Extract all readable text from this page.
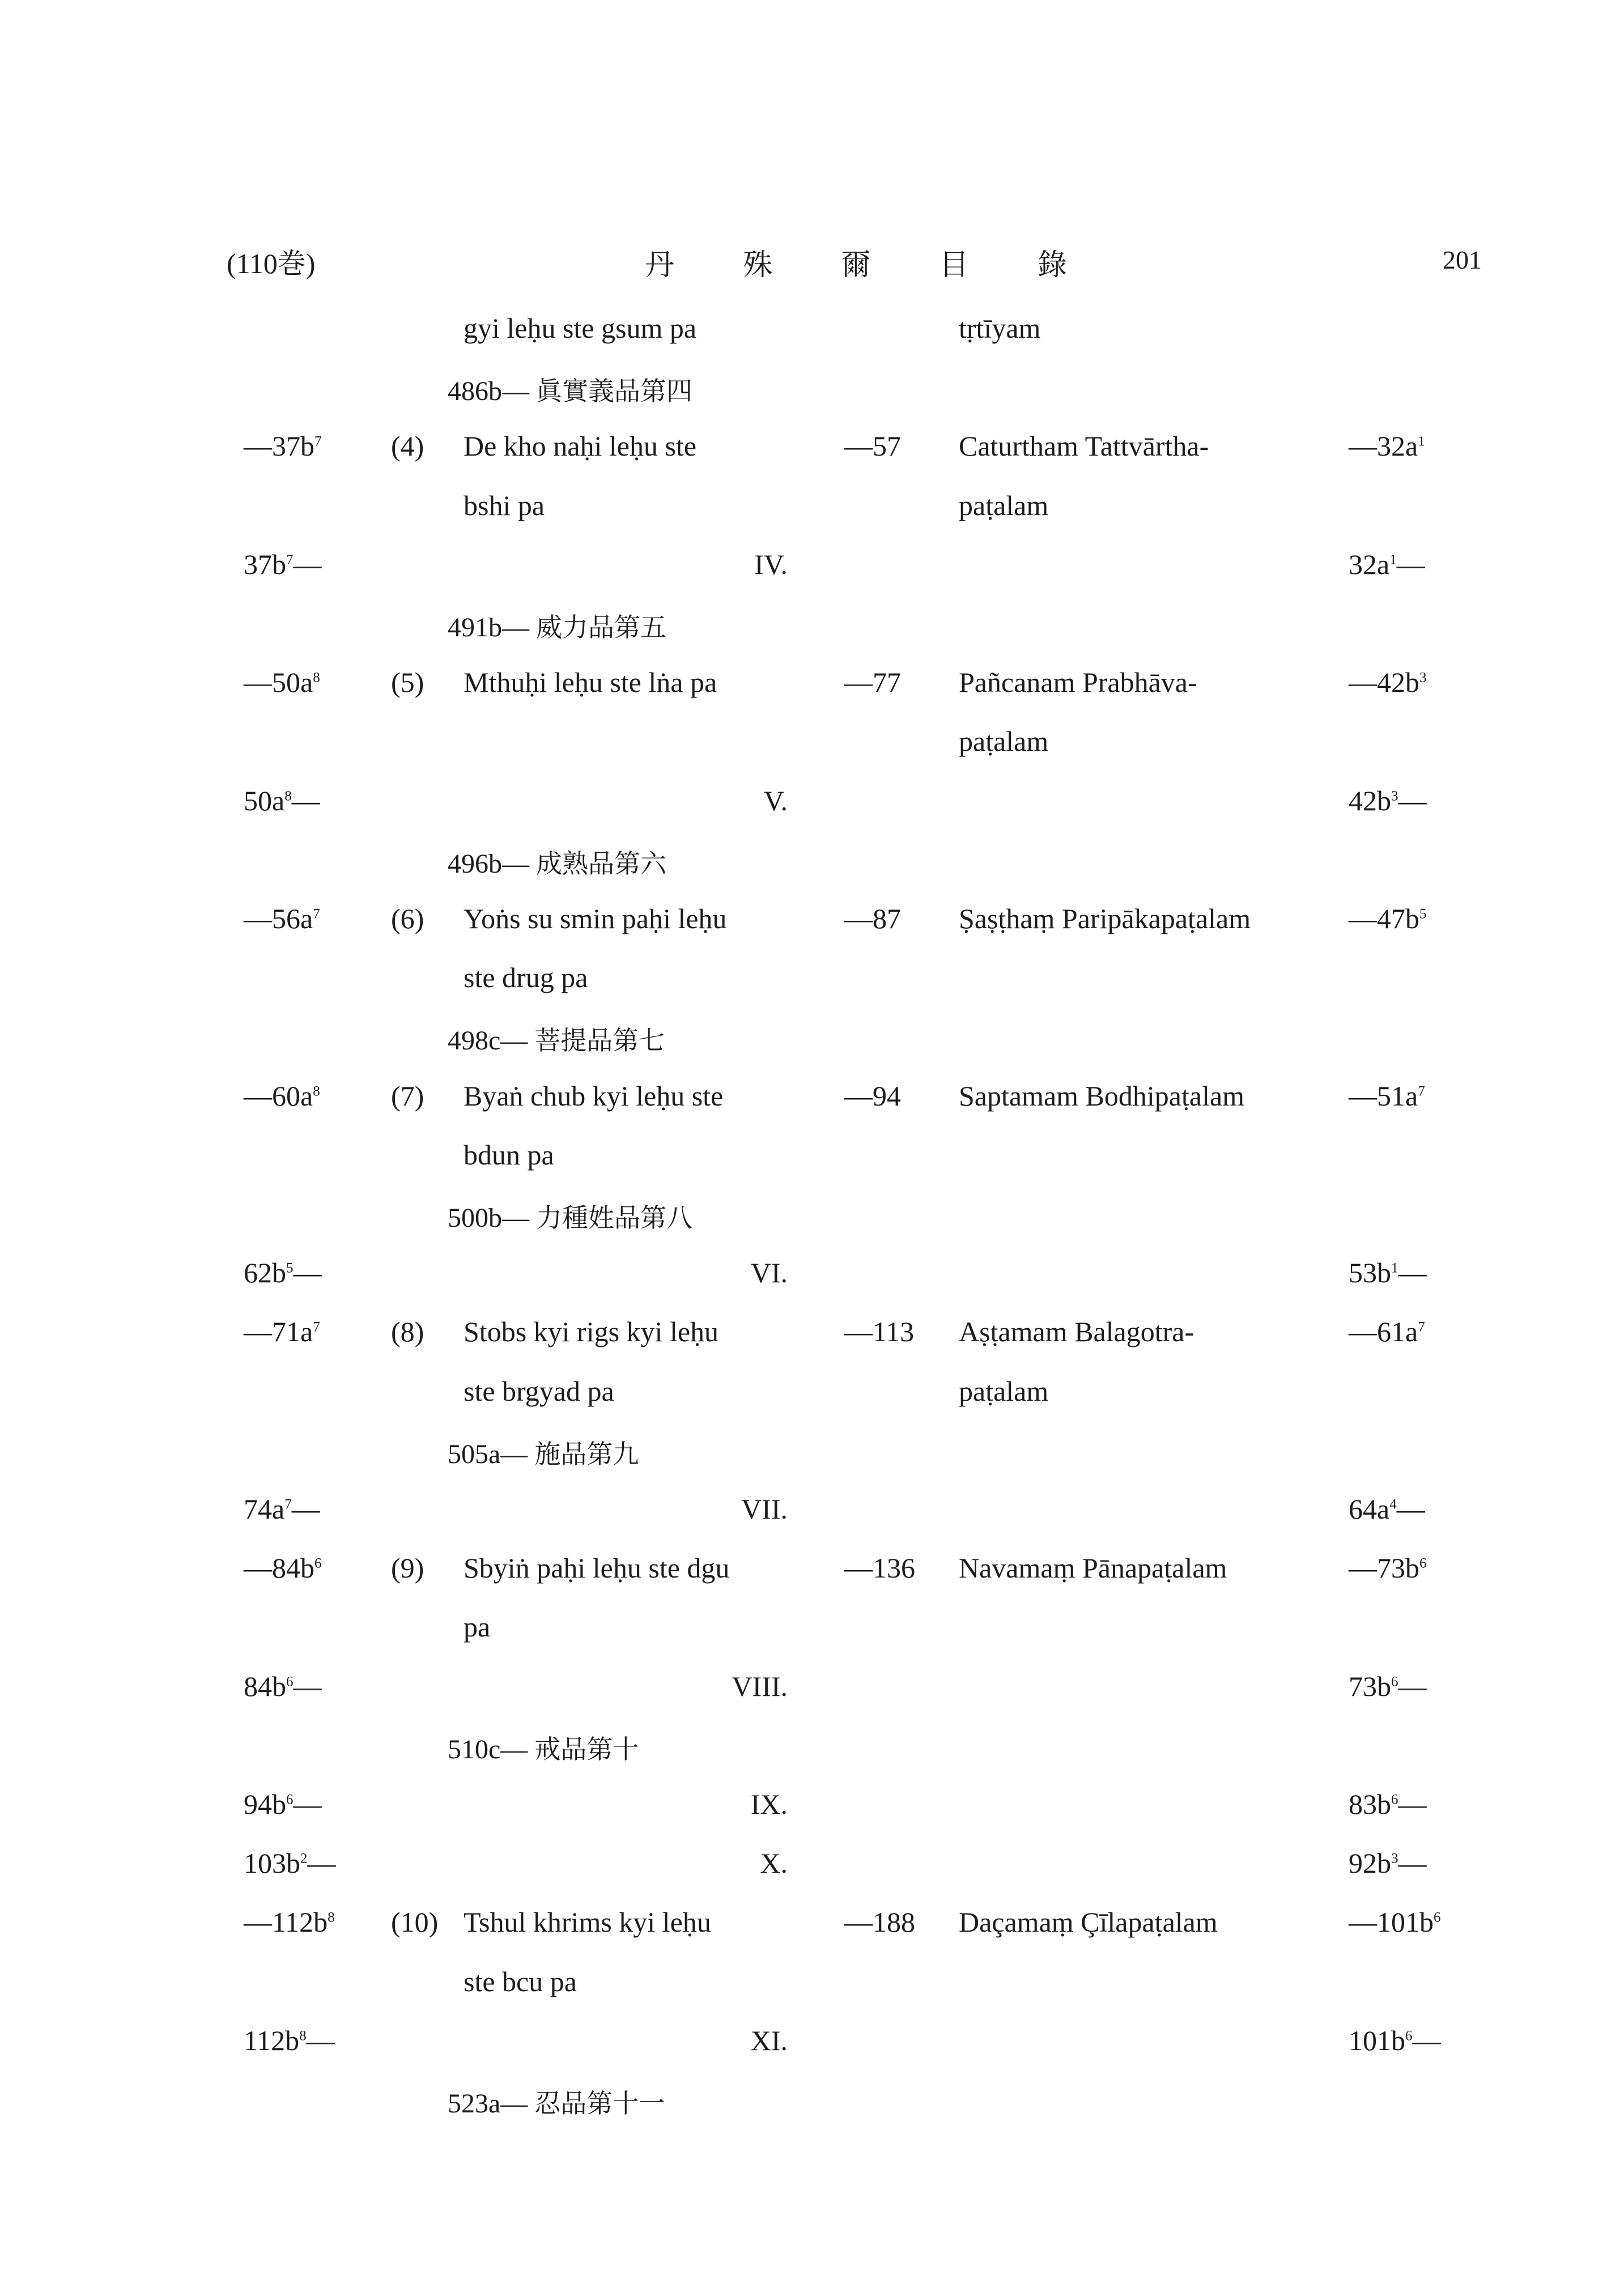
(110巻)	丹 殊 爾 目 錄	201
gyi leḥu ste gsum pa	tṛtīyam
486b— 眞實義品第四
$—37b^7$ (4) De kho naḥi leḥu ste	—57 Caturtham Tattvārtha-	$—32a^1$
bshi pa	paṭalam
$37b^7—$	IV.	$32a^1—$
491b— 威力品第五
$—50a^8$	(5) Mthuḥi leḥu ste lṅa pa	—77 Pañcanam Prabhāva-	$—42b^3$
paṭalam
$50a^8—$	V.	$42b^3—$
496b— 成熟品第六
$—56a^7$	(6) Yoṅs su smin paḥi leḥu	—87 Ṣaṣṭhaṃ Paripākapaṭalam	$—47b^5$
ste drug pa
498c— 菩提品第七
$—60a^8$	(7) Byaṅ chub kyi leḥu ste	—94 Saptamam Bodhipaṭalam	$—51a^7$
bdun pa
500b— 力種姓品第八
$62b^5—$	VI.	$53b^1—$
$—71a^7$	(8) Stobs kyi rigs kyi leḥu	—113 Aṣṭamam Balagotra-	$—61a^7$
ste brgyad pa	paṭalam
505a— 施品第九
$74a^7—$	VII.	$64a^4—$
$—84b^6$ (9) Sbyiṅ paḥi leḥu ste dgu	—136 Navamaṃ Pānapaṭalam	$—73b^6$
pa
$84b^6—$	VIII.	$73b^6—$
510c— 戒品第十
$94b^6—$	IX.	$83b^6—$
$103b^2—$	X.	$92b^3—$
$—112b^8$ (10) Tshul khrims kyi leḥu	—188 Daçamaṃ Çīlapaṭalam	$—101b^6$
ste bcu pa
$112b^8—$	XI.	$101b^6—$
523a— 忍品第十一
